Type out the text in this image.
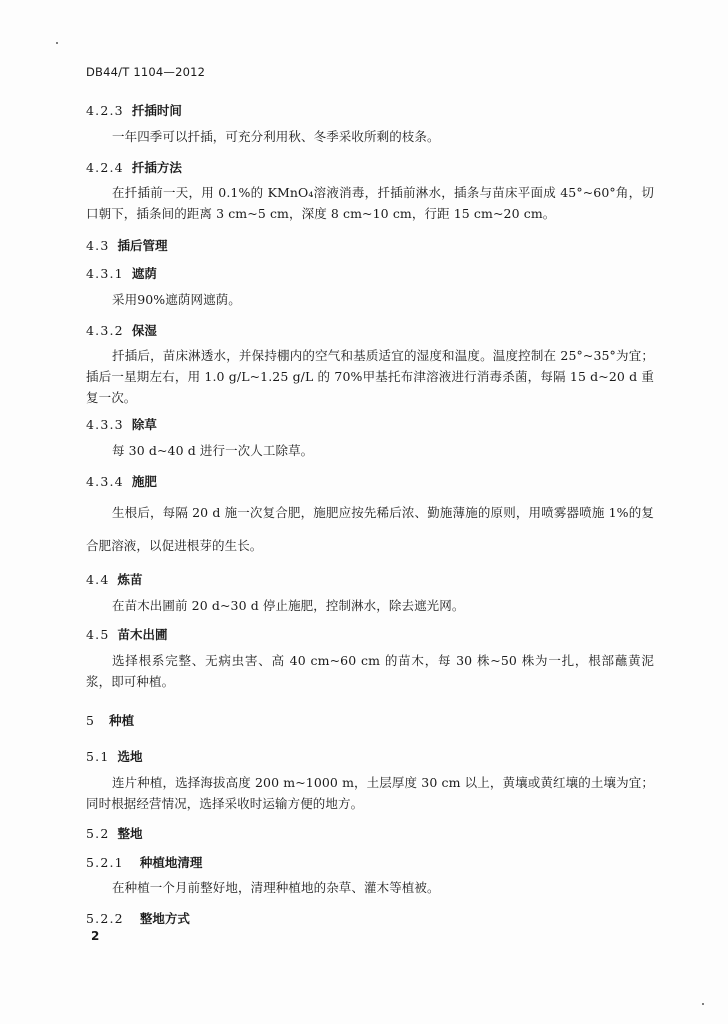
DB44/T 1104—2012
4.2.3 扦插时间
一年四季可以扦插，可充分利用秋、冬季采收所剩的枝条。
4.2.4 扦插方法
在扦插前一天，用 0.1%的 KMnO₄溶液消毒，扦插前淋水，插条与苗床平面成 45°~60°角，切口朝下，插条间的距离 3 cm~5 cm，深度 8 cm~10 cm，行距 15 cm~20 cm。
4.3 插后管理
4.3.1 遮荫
采用90%遮荫网遮荫。
4.3.2 保湿
扦插后，苗床淋透水，并保持棚内的空气和基质适宜的湿度和温度。温度控制在 25°~35°为宜；插后一星期左右，用 1.0 g/L~1.25 g/L 的 70%甲基托布津溶液进行消毒杀菌，每隔 15 d~20 d 重复一次。
4.3.3 除草
每 30 d~40 d 进行一次人工除草。
4.3.4 施肥
生根后，每隔 20 d 施一次复合肥，施肥应按先稀后浓、勤施薄施的原则，用喷雾器喷施 1%的复合肥溶液，以促进根芽的生长。
4.4 炼苗
在苗木出圃前 20 d~30 d 停止施肥，控制淋水，除去遮光网。
4.5 苗木出圃
选择根系完整、无病虫害、高 40 cm~60 cm 的苗木，每 30 株~50 株为一扎，根部蘸黄泥浆，即可种植。
5 种植
5.1 选地
连片种植，选择海拔高度 200 m~1000 m，土层厚度 30 cm 以上，黄壤或黄红壤的土壤为宜；同时根据经营情况，选择采收时运输方便的地方。
5.2 整地
5.2.1 种植地清理
在种植一个月前整好地，清理种植地的杂草、灌木等植被。
5.2.2 整地方式
2
